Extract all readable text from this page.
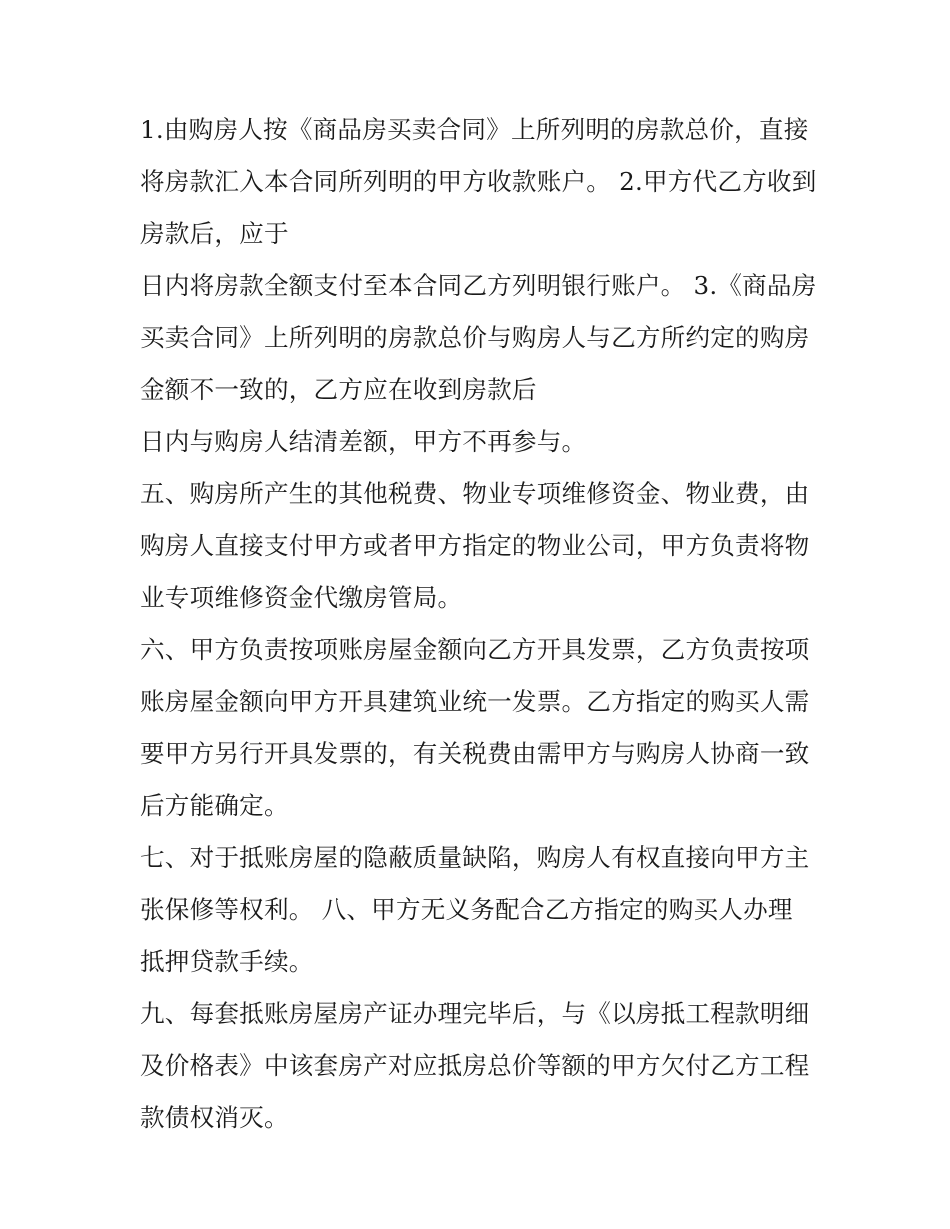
1.由购房人按《商品房买卖合同》上所列明的房款总价，直接
将房款汇入本合同所列明的甲方收款账户。 2.甲方代乙方收到
房款后，应于
日内将房款全额支付至本合同乙方列明银行账户。 3.《商品房
买卖合同》上所列明的房款总价与购房人与乙方所约定的购房
金额不一致的，乙方应在收到房款后
日内与购房人结清差额，甲方不再参与。
五、购房所产生的其他税费、物业专项维修资金、物业费，由
购房人直接支付甲方或者甲方指定的物业公司，甲方负责将物
业专项维修资金代缴房管局。
六、甲方负责按项账房屋金额向乙方开具发票，乙方负责按项
账房屋金额向甲方开具建筑业统一发票。乙方指定的购买人需
要甲方另行开具发票的，有关税费由需甲方与购房人协商一致
后方能确定。
七、对于抵账房屋的隐蔽质量缺陷，购房人有权直接向甲方主
张保修等权利。 八、甲方无义务配合乙方指定的购买人办理
抵押贷款手续。
九、每套抵账房屋房产证办理完毕后，与《以房抵工程款明细
及价格表》中该套房产对应抵房总价等额的甲方欠付乙方工程
款债权消灭。
